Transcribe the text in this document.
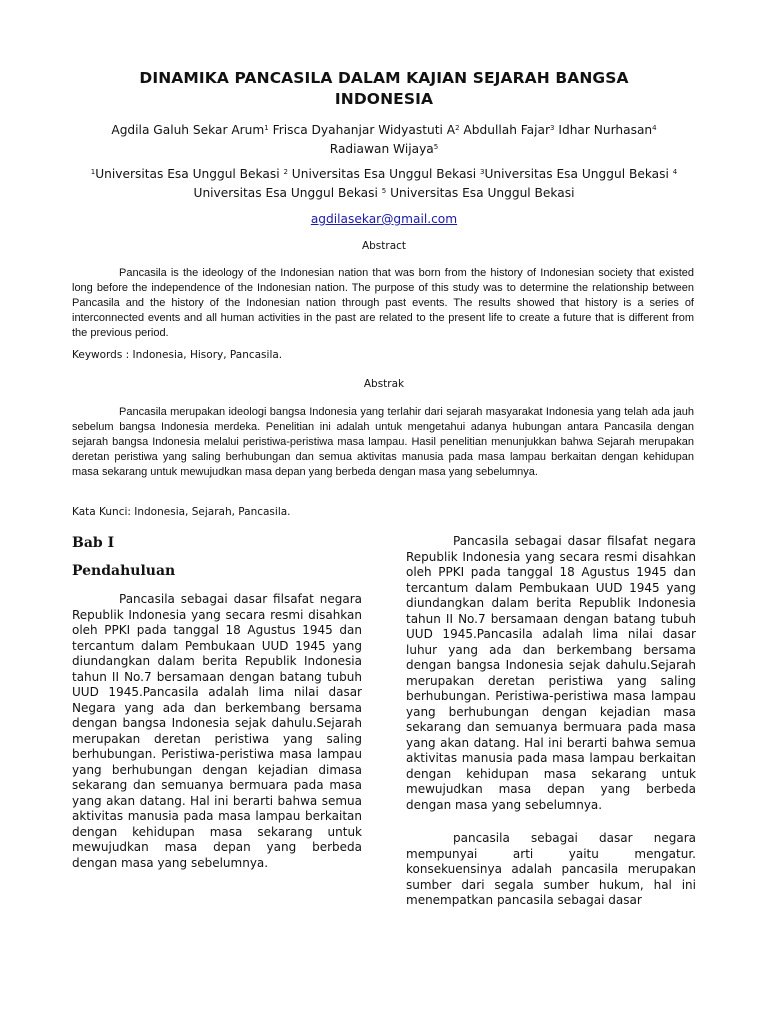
DINAMIKA PANCASILA DALAM KAJIAN SEJARAH BANGSA
INDONESIA
Agdila Galuh Sekar Arum$^1$ Frisca Dyahanjar Widyastuti $A^2$ Abdullah Fajar$^3$ Idhar Nurhasan$^4$
Radiawan Wijaya$^5$
$^1$Universitas Esa Unggul Bekasi $^2$ Universitas Esa Unggul Bekasi $^3$Universitas Esa Unggul Bekasi $^4$
Universitas Esa Unggul Bekasi $^5$ Universitas Esa Unggul Bekasi
agdilasekar@gmail.com
Abstract

Pancasila is the ideology of the Indonesian nation that was born from the history of Indonesian society that existed long before the independence of the Indonesian nation. The purpose of this study was to determine the relationship between Pancasila and the history of the Indonesian nation through past events. The results showed that history is a series of interconnected events and all human activities in the past are related to the present life to create a future that is different from the previous period.

Keywords : Indonesia, Hisory, Pancasila.

Abstrak

Pancasila merupakan ideologi bangsa Indonesia yang terlahir dari sejarah masyarakat Indonesia yang telah ada jauh sebelum bangsa Indonesia merdeka. Penelitian ini adalah untuk mengetahui adanya hubungan antara Pancasila dengan sejarah bangsa Indonesia melalui peristiwa-peristiwa masa lampau. Hasil penelitian menunjukkan bahwa Sejarah merupakan deretan peristiwa yang saling berhubungan dan semua aktivitas manusia pada masa lampau berkaitan dengan kehidupan masa sekarang untuk mewujudkan masa depan yang berbeda dengan masa yang sebelumnya.

Kata Kunci: Indonesia, Sejarah, Pancasila.

Bab I
Pendahuluan

Pancasila sebagai dasar filsafat negara Republik Indonesia yang secara resmi disahkan oleh PPKI pada tanggal 18 Agustus 1945 dan tercantum dalam Pembukaan UUD 1945 yang diundangkan dalam berita Republik Indonesia tahun II No.7 bersamaan dengan batang tubuh UUD 1945.Pancasila adalah lima nilai dasar Negara yang ada dan berkembang bersama dengan bangsa Indonesia sejak dahulu.Sejarah merupakan deretan peristiwa yang saling berhubungan. Peristiwa-peristiwa masa lampau yang berhubungan dengan kejadian dimasa sekarang dan semuanya bermuara pada masa yang akan datang. Hal ini berarti bahwa semua aktivitas manusia pada masa lampau berkaitan dengan kehidupan masa sekarang untuk mewujudkan masa depan yang berbeda dengan masa yang sebelumnya.

Pancasila sebagai dasar filsafat negara Republik Indonesia yang secara resmi disahkan oleh PPKI pada tanggal 18 Agustus 1945 dan tercantum dalam Pembukaan UUD 1945 yang diundangkan dalam berita Republik Indonesia tahun II No.7 bersamaan dengan batang tubuh UUD 1945.Pancasila adalah lima nilai dasar luhur yang ada dan berkembang bersama dengan bangsa Indonesia sejak dahulu.Sejarah merupakan deretan peristiwa yang saling berhubungan. Peristiwa-peristiwa masa lampau yang berhubungan dengan kejadian masa sekarang dan semuanya bermuara pada masa yang akan datang. Hal ini berarti bahwa semua aktivitas manusia pada masa lampau berkaitan dengan kehidupan masa sekarang untuk mewujudkan masa depan yang berbeda dengan masa yang sebelumnya.

pancasila sebagai dasar negara mempunyai arti yaitu mengatur. konsekuensinya adalah pancasila merupakan sumber dari segala sumber hukum, hal ini menempatkan pancasila sebagai dasar
